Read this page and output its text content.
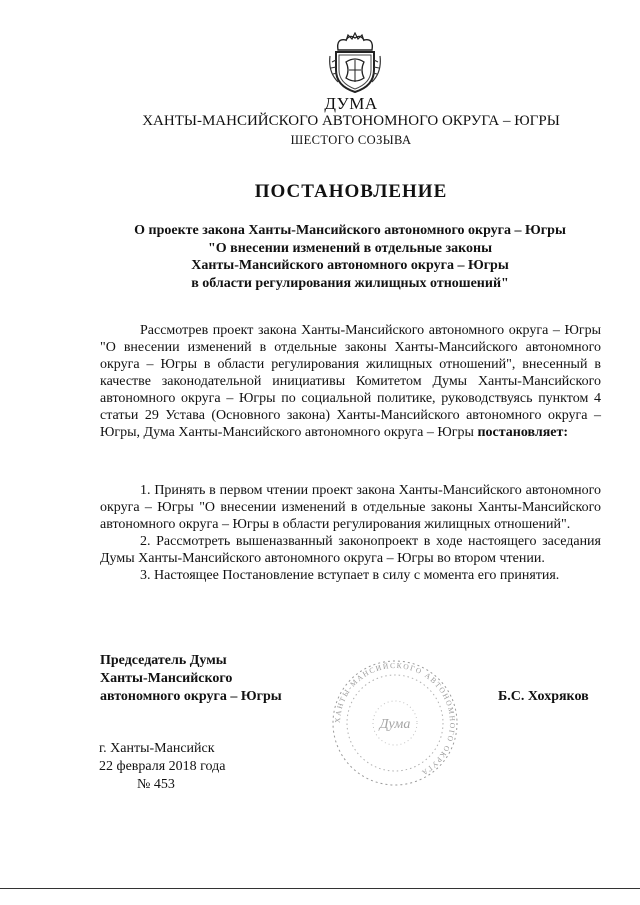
ДУМА
ХАНТЫ-МАНСИЙСКОГО АВТОНОМНОГО ОКРУГА – ЮГРЫ
ШЕСТОГО СОЗЫВА
ПОСТАНОВЛЕНИЕ
О проекте закона Ханты-Мансийского автономного округа – Югры
"О внесении изменений в отдельные законы
Ханты-Мансийского автономного округа – Югры
в области регулирования жилищных отношений"

Рассмотрев проект закона Ханты-Мансийского автономного округа – Югры "О внесении изменений в отдельные законы Ханты-Мансийского автономного округа – Югры в области регулирования жилищных отношений", внесенный в качестве законодательной инициативы Комитетом Думы Ханты-Мансийского автономного округа – Югры по социальной политике, руководствуясь пунктом 4 статьи 29 Устава (Основного закона) Ханты-Мансийского автономного округа – Югры, Дума Ханты-Мансийского автономного округа – Югры постановляет:

1. Принять в первом чтении проект закона Ханты-Мансийского автономного округа – Югры "О внесении изменений в отдельные законы Ханты-Мансийского автономного округа – Югры в области регулирования жилищных отношений".

2. Рассмотреть вышеназванный законопроект в ходе настоящего заседания Думы Ханты-Мансийского автономного округа – Югры во втором чтении.

3. Настоящее Постановление вступает в силу с момента его принятия.

Председатель Думы
Ханты-Мансийского
автономного округа – Югры
ХАНТЫ-МАНСИЙСКОГО АВТОНОМНОГО ОКРУГА
Дума
Б.С. Хохряков
г. Ханты-Мансийск
22 февраля 2018 года
№ 453
